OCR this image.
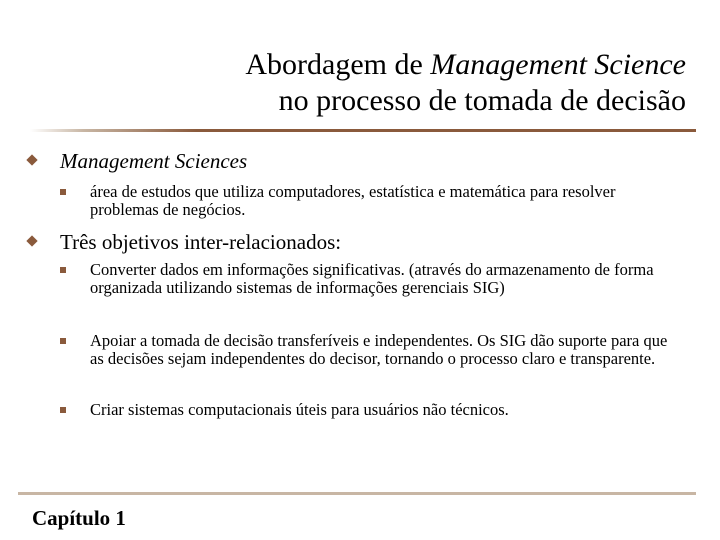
Abordagem de Management Science
no processo de tomada de decisão
Management Sciences
área de estudos que utiliza computadores, estatística e matemática para resolver problemas de negócios.
Três objetivos inter-relacionados:
Converter dados em informações significativas. (através do armazenamento de forma organizada utilizando sistemas de informações gerenciais SIG)
Apoiar a tomada de decisão transferíveis e independentes. Os SIG dão suporte para que as decisões sejam independentes do decisor, tornando o processo claro e transparente.
Criar sistemas computacionais úteis para usuários não técnicos.
Capítulo 1
